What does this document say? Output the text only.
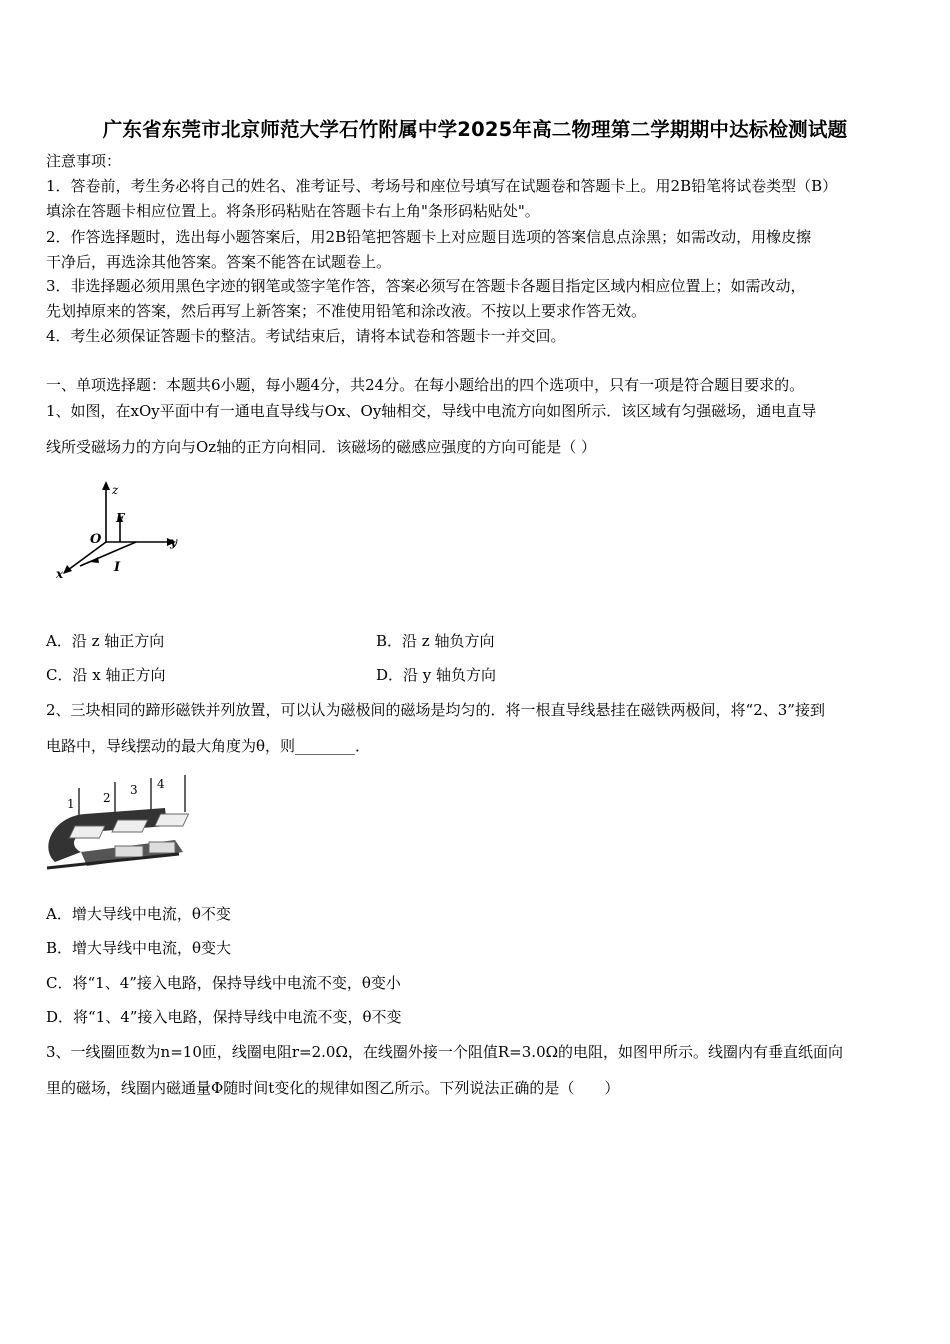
广东省东莞市北京师范大学石竹附属中学2025年高二物理第二学期期中达标检测试题
注意事项：
1．答卷前，考生务必将自己的姓名、准考证号、考场号和座位号填写在试题卷和答题卡上。用2B铅笔将试卷类型（B）
填涂在答题卡相应位置上。将条形码粘贴在答题卡右上角"条形码粘贴处"。
2．作答选择题时，选出每小题答案后，用2B铅笔把答题卡上对应题目选项的答案信息点涂黑；如需改动，用橡皮擦
干净后，再选涂其他答案。答案不能答在试题卷上。
3．非选择题必须用黑色字迹的钢笔或签字笔作答，答案必须写在答题卡各题目指定区域内相应位置上；如需改动，
先划掉原来的答案，然后再写上新答案；不准使用铅笔和涂改液。不按以上要求作答无效。
4．考生必须保证答题卡的整洁。考试结束后，请将本试卷和答题卡一并交回。
一、单项选择题：本题共6小题，每小题4分，共24分。在每小题给出的四个选项中，只有一项是符合题目要求的。
1、如图，在xOy平面中有一通电直导线与Ox、Oy轴相交，导线中电流方向如图所示．该区域有匀强磁场，通电直导
线所受磁场力的方向与Oz轴的正方向相同．该磁场的磁感应强度的方向可能是（ ）
z
F
O	y
I
x
A．沿 z 轴正方向	B．沿 z 轴负方向
C．沿 x 轴正方向	D．沿 y 轴负方向
2、三块相同的蹄形磁铁并列放置，可以认为磁极间的磁场是均匀的．将一根直导线悬挂在磁铁两极间，将“2、3”接到
电路中，导线摆动的最大角度为θ，则________．
1 2
3 4
A．增大导线中电流，θ不变
B．增大导线中电流，θ变大
C．将“1、4”接入电路，保持导线中电流不变，θ变小
D．将“1、4”接入电路，保持导线中电流不变，θ不变
3、一线圈匝数为n=10匝，线圈电阻r=2.0Ω，在线圈外接一个阻值R=3.0Ω的电阻，如图甲所示。线圈内有垂直纸面向
里的磁场，线圈内磁通量Φ随时间t变化的规律如图乙所示。下列说法正确的是（　　）
